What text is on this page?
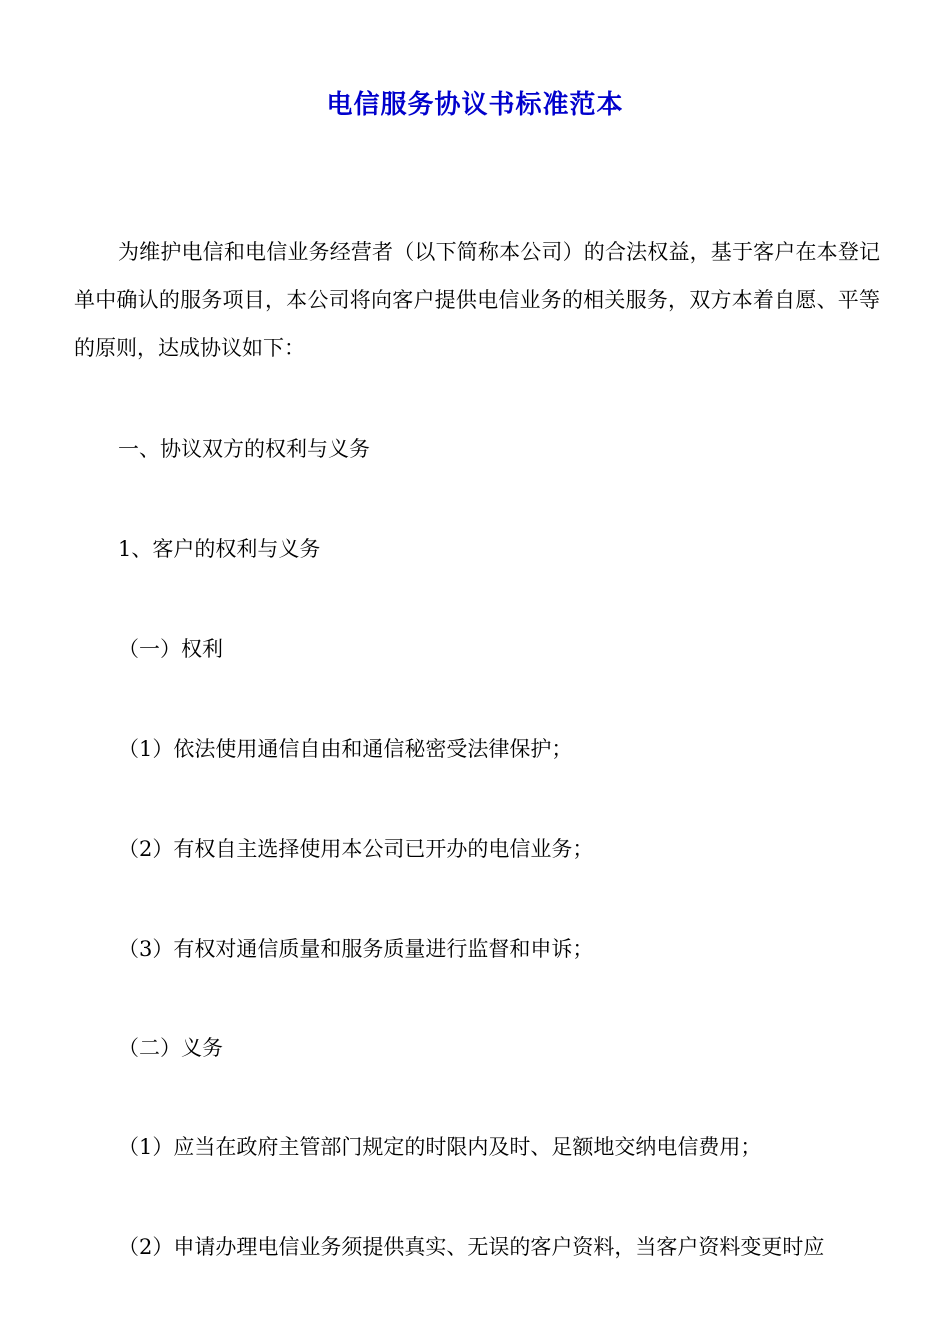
电信服务协议书标准范本
为维护电信和电信业务经营者（以下简称本公司）的合法权益，基于客户在本登记单中确认的服务项目，本公司将向客户提供电信业务的相关服务，双方本着自愿、平等的原则，达成协议如下：
一、协议双方的权利与义务
1、客户的权利与义务
（一）权利
（1）依法使用通信自由和通信秘密受法律保护；
（2）有权自主选择使用本公司已开办的电信业务；
（3）有权对通信质量和服务质量进行监督和申诉；
（二）义务
（1）应当在政府主管部门规定的时限内及时、足额地交纳电信费用；
（2）申请办理电信业务须提供真实、无误的客户资料，当客户资料变更时应
